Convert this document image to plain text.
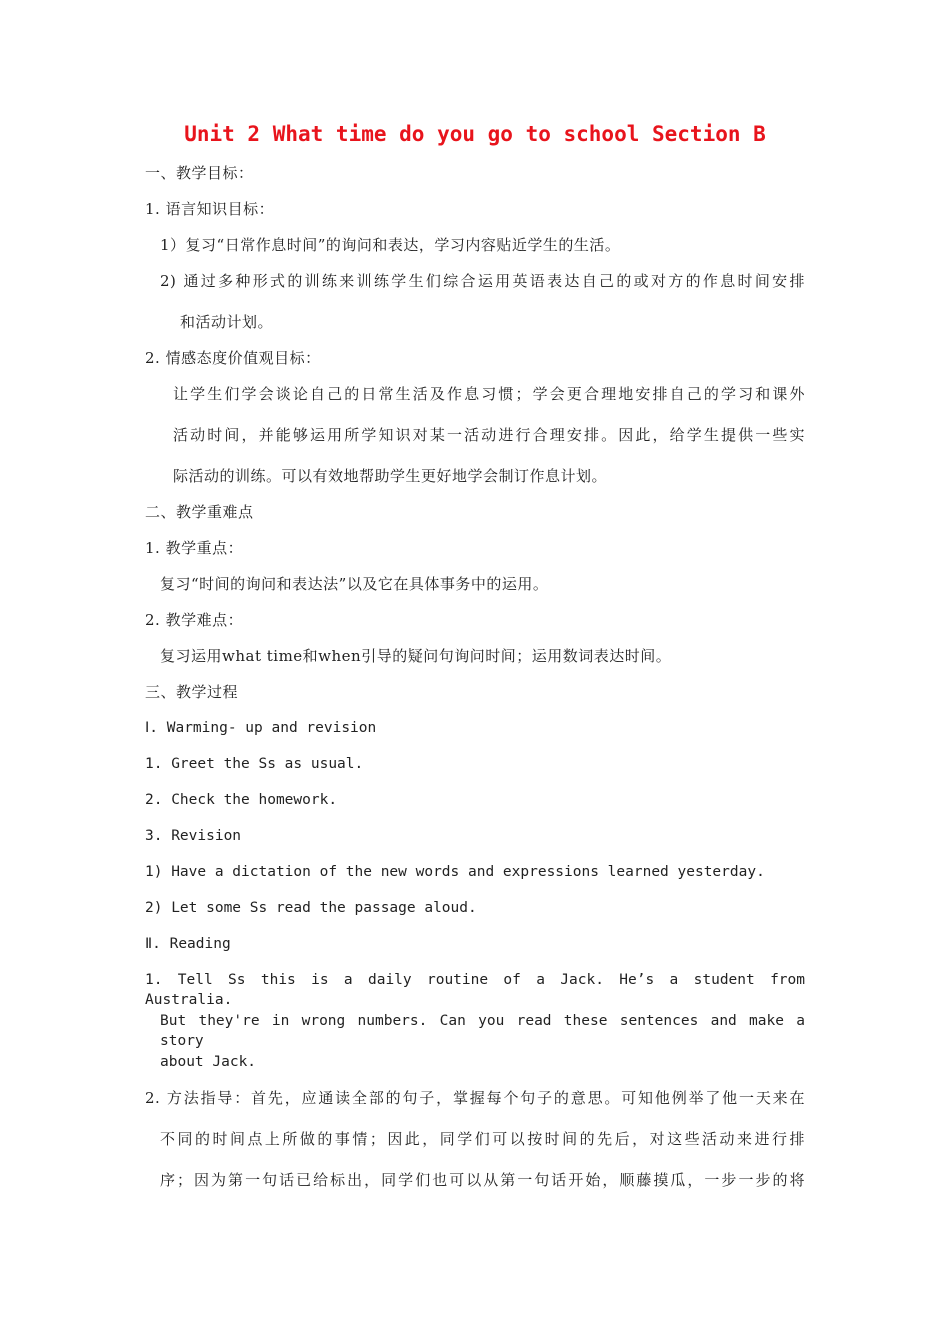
Unit 2 What time do you go to school Section B
一、教学目标：
1. 语言知识目标：
1）复习“日常作息时间”的询问和表达，学习内容贴近学生的生活。
2) 通过多种形式的训练来训练学生们综合运用英语表达自己的或对方的作息时间安排
和活动计划。
2. 情感态度价值观目标：
让学生们学会谈论自己的日常生活及作息习惯；学会更合理地安排自己的学习和课外
活动时间，并能够运用所学知识对某一活动进行合理安排。因此，给学生提供一些实
际活动的训练。可以有效地帮助学生更好地学会制订作息计划。
二、教学重难点
1. 教学重点：
复习“时间的询问和表达法”以及它在具体事务中的运用。
2. 教学难点：
复习运用what time和when引导的疑问句询问时间；运用数词表达时间。
三、教学过程
Ⅰ. Warming- up and revision
1. Greet the Ss as usual.
2. Check the homework.
3. Revision
1) Have a dictation of the new words and expressions learned yesterday.
2) Let some Ss read the passage aloud.
Ⅱ. Reading
1. Tell Ss this is a daily routine of a Jack. He’s a student from Australia.
But they're in wrong numbers. Can you read these sentences and make a story
about Jack.
2. 方法指导：首先，应通读全部的句子，掌握每个句子的意思。可知他例举了他一天来在
不同的时间点上所做的事情；因此，同学们可以按时间的先后，对这些活动来进行排
序；因为第一句话已给标出，同学们也可以从第一句话开始，顺藤摸瓜，一步一步的将
